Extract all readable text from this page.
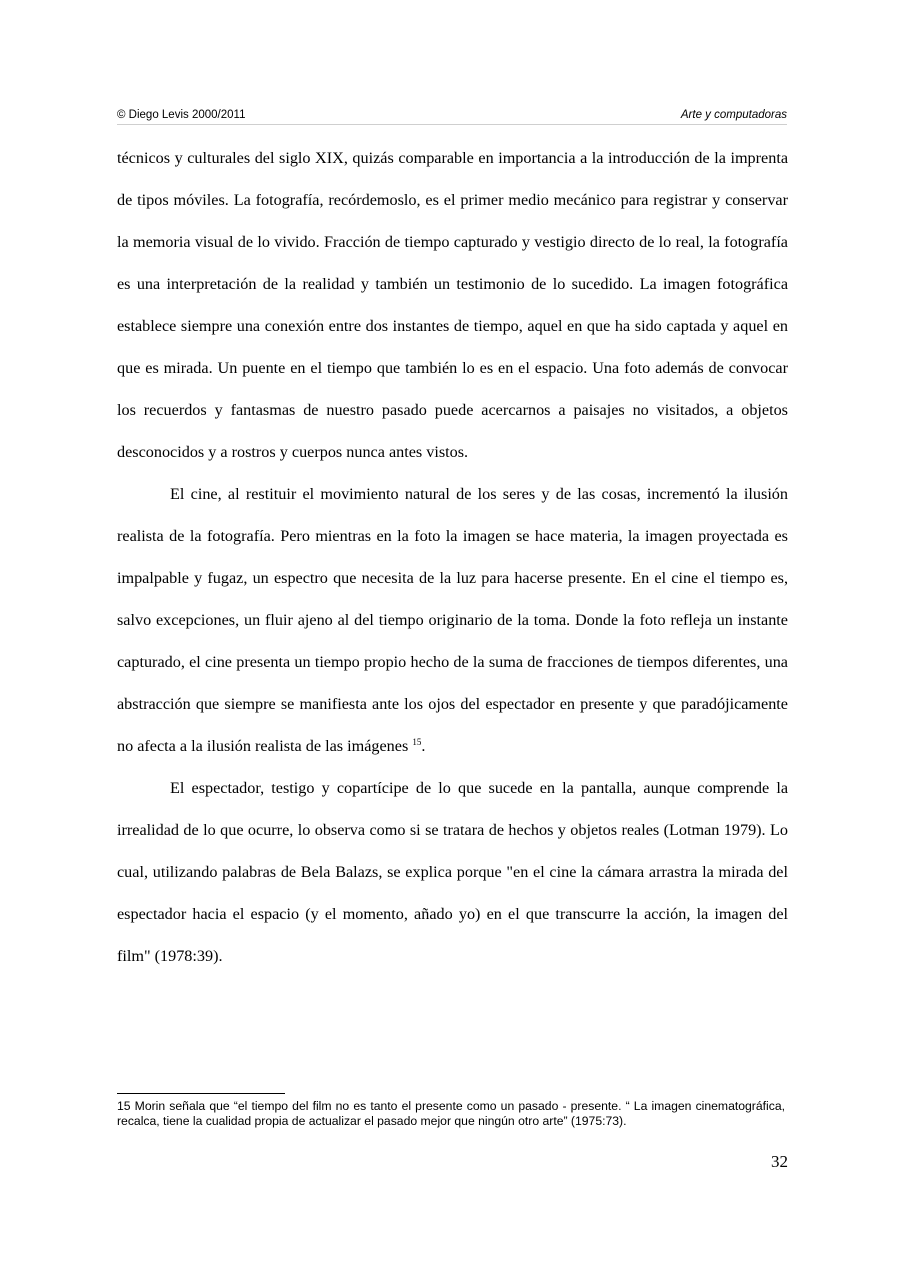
© Diego Levis 2000/2011	Arte y computadoras

técnicos y culturales del siglo XIX, quizás comparable en importancia a la introducción de la imprenta de tipos móviles. La fotografía, recórdemoslo, es el primer medio mecánico para registrar y conservar la memoria visual de lo vivido. Fracción de tiempo capturado y vestigio directo de lo real, la fotografía es una interpretación de la realidad y también un testimonio de lo sucedido. La imagen fotográfica establece siempre una conexión entre dos instantes de tiempo, aquel en que ha sido captada y aquel en que es mirada. Un puente en el tiempo que también lo es en el espacio. Una foto además de convocar los recuerdos y fantasmas de nuestro pasado puede acercarnos a paisajes no visitados, a objetos desconocidos y a rostros y cuerpos nunca antes vistos.

El cine, al restituir el movimiento natural de los seres y de las cosas, incrementó la ilusión realista de la fotografía. Pero mientras en la foto la imagen se hace materia, la imagen proyectada es impalpable y fugaz, un espectro que necesita de la luz para hacerse presente. En el cine el tiempo es, salvo excepciones, un fluir ajeno al del tiempo originario de la toma. Donde la foto refleja un instante capturado, el cine presenta un tiempo propio hecho de la suma de fracciones de tiempos diferentes, una abstracción que siempre se manifiesta ante los ojos del espectador en presente y que paradójicamente no afecta a la ilusión realista de las imágenes $^{15}$.

El espectador, testigo y copartícipe de lo que sucede en la pantalla, aunque comprende la irrealidad de lo que ocurre, lo observa como si se tratara de hechos y objetos reales (Lotman 1979). Lo cual, utilizando palabras de Bela Balazs, se explica porque "en el cine la cámara arrastra la mirada del espectador hacia el espacio (y el momento, añado yo) en el que transcurre la acción, la imagen del film" (1978:39).

15 Morin señala que “el tiempo del film no es tanto el presente como un pasado - presente. “ La imagen cinematográfica, recalca, tiene la cualidad propia de actualizar el pasado mejor que ningún otro arte” (1975:73).

32
